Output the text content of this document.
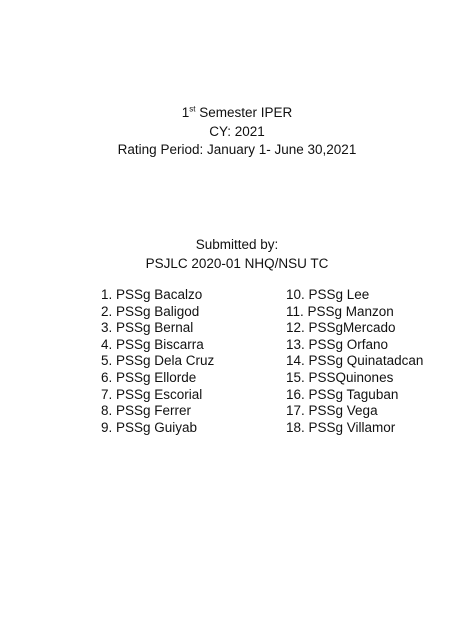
1st Semester IPER
CY: 2021
Rating Period: January 1- June 30,2021
Submitted by:
PSJLC 2020-01 NHQ/NSU TC
1. PSSg Bacalzo
2. PSSg Baligod
3. PSSg Bernal
4. PSSg Biscarra
5. PSSg Dela Cruz
6. PSSg Ellorde
7. PSSg Escorial
8. PSSg Ferrer
9. PSSg Guiyab
10. PSSg Lee
11. PSSg Manzon
12. PSSgMercado
13. PSSg Orfano
14. PSSg Quinatadcan
15. PSSQuinones
16. PSSg Taguban
17. PSSg Vega
18. PSSg Villamor
